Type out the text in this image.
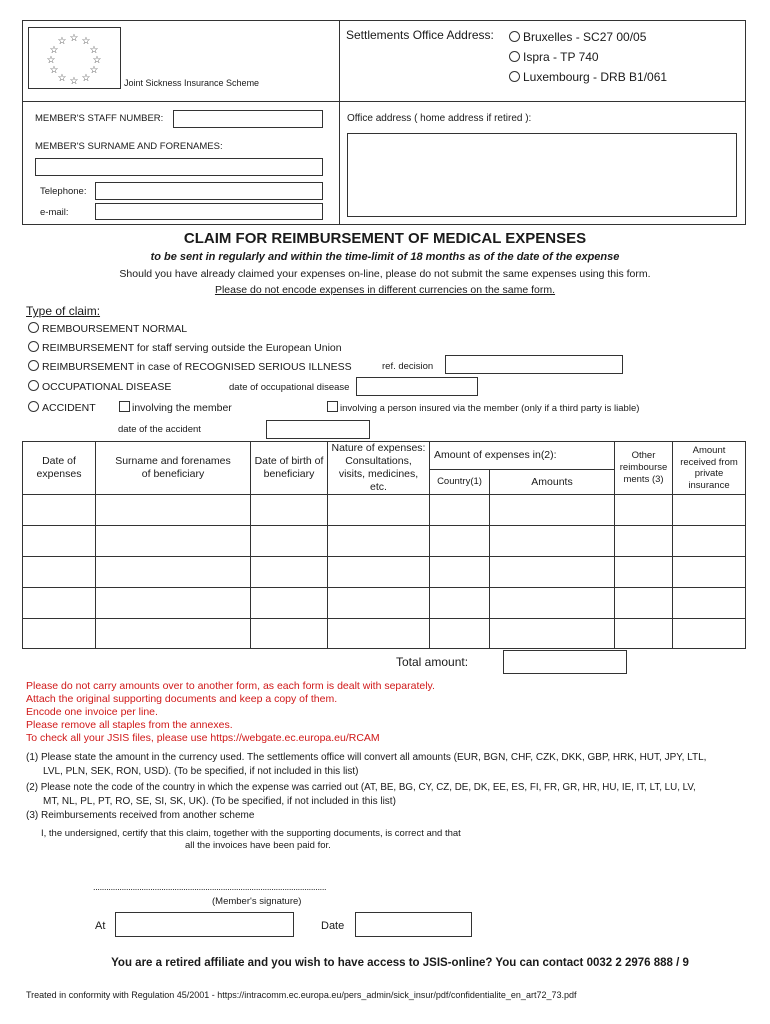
☆ ☆
☆
☆
☆
☆
☆
☆
☆
☆
☆ ☆	Joint Sickness Insurance Scheme
Settlements Office Address:	Bruxelles - SC27 00/05
Ispra - TP 740
Luxembourg - DRB B1/061
MEMBER'S STAFF NUMBER:	Office address ( home address if retired ):
MEMBER'S SURNAME AND FORENAMES:
Telephone:
e-mail:
CLAIM FOR REIMBURSEMENT OF MEDICAL EXPENSES
to be sent in regularly and within the time-limit of 18 months as of the date of the expense
Should you have already claimed your expenses on-line, please do not submit the same expenses using this form.
Please do not encode expenses in different currencies on the same form.
Type of claim:
REMBOURSEMENT NORMAL
REIMBURSEMENT for staff serving outside the European Union
REIMBURSEMENT in case of RECOGNISED SERIOUS ILLNESS	ref. decision
OCCUPATIONAL DISEASE	date of occupational disease
ACCIDENT	involving the member	involving a person insured via the member (only if a third party is liable)
date of the accident
Date of expenses	Surname and forenames of beneficiary	Date of birth of beneficiary	Nature of expenses: Consultations, visits, medicines, etc.	Amount of expenses in(2):		Other reimbourse ments (3)	Amount received from private insurance
				Country(1)	Amounts		

Total amount:
Please do not carry amounts over to another form, as each form is dealt with separately.
Attach the original supporting documents and keep a copy of them.
Encode one invoice per line.
Please remove all staples from the annexes.
To check all your JSIS files, please use https://webgate.ec.europa.eu/RCAM
(1) Please state the amount in the currency used. The settlements office will convert all amounts (EUR, BGN, CHF, CZK, DKK, GBP, HRK, HUT, JPY, LTL,
LVL, PLN, SEK, RON, USD). (To be specified, if not included in this list)
(2) Please note the code of the country in which the expense was carried out (AT, BE, BG, CY, CZ, DE, DK, EE, ES, FI, FR, GR, HR, HU, IE, IT, LT, LU, LV,
MT, NL, PL, PT, RO, SE, SI, SK, UK). (To be specified, if not included in this list)
(3) Reimbursements received from another scheme
I, the undersigned, certify that this claim, together with the supporting documents, is correct and that
all the invoices have been paid for.
..........................................................................................................
(Member's signature)
At	Date
You are a retired affiliate and you wish to have access to JSIS-online? You can contact 0032 2 2976 888 / 9
Treated in conformity with Regulation 45/2001 - https://intracomm.ec.europa.eu/pers_admin/sick_insur/pdf/confidentialite_en_art72_73.pdf
